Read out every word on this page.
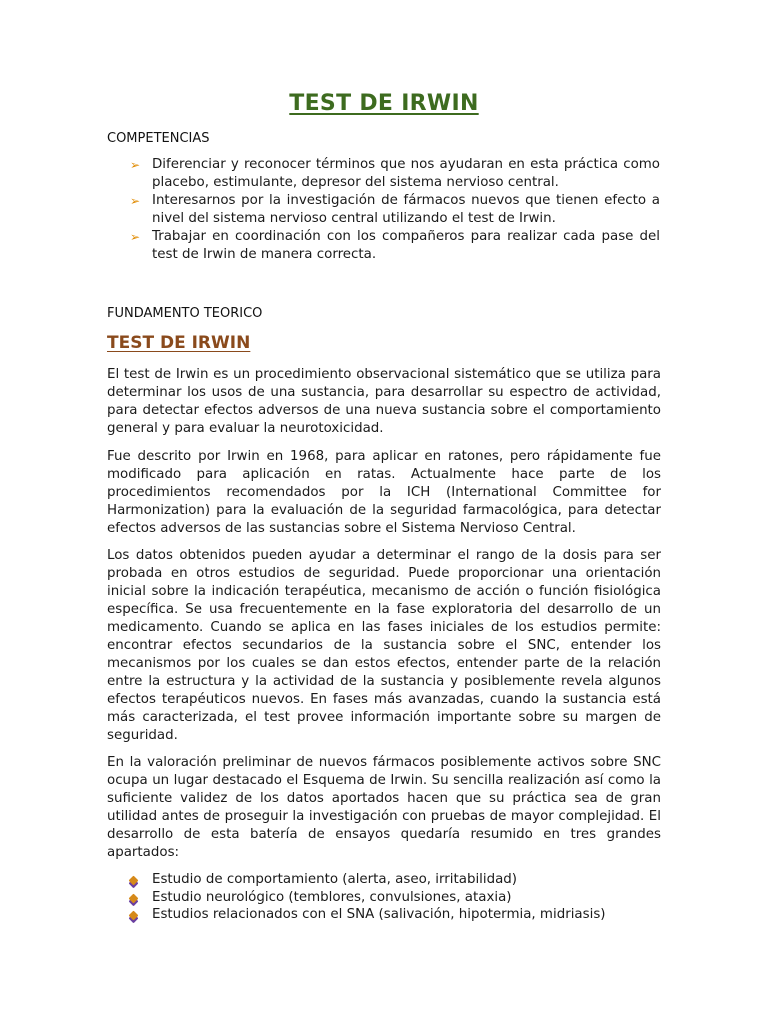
TEST DE IRWIN
COMPETENCIAS
➢ Diferenciar y reconocer términos que nos ayudaran en esta práctica como placebo, estimulante, depresor del sistema nervioso central.
➢ Interesarnos por la investigación de fármacos nuevos que tienen efecto a nivel del sistema nervioso central utilizando el test de Irwin.
➢ Trabajar en coordinación con los compañeros para realizar cada pase del test de Irwin de manera correcta.
FUNDAMENTO TEORICO
TEST DE IRWIN

El test de Irwin es un procedimiento observacional sistemático que se utiliza para determinar los usos de una sustancia, para desarrollar su espectro de actividad, para detectar efectos adversos de una nueva sustancia sobre el comportamiento general y para evaluar la neurotoxicidad.

Fue descrito por Irwin en 1968, para aplicar en ratones, pero rápidamente fue modificado para aplicación en ratas. Actualmente hace parte de los procedimientos recomendados por la ICH (International Committee for Harmonization) para la evaluación de la seguridad farmacológica, para detectar efectos adversos de las sustancias sobre el Sistema Nervioso Central.

Los datos obtenidos pueden ayudar a determinar el rango de la dosis para ser probada en otros estudios de seguridad. Puede proporcionar una orientación inicial sobre la indicación terapéutica, mecanismo de acción o función fisiológica específica. Se usa frecuentemente en la fase exploratoria del desarrollo de un medicamento. Cuando se aplica en las fases iniciales de los estudios permite: encontrar efectos secundarios de la sustancia sobre el SNC, entender los mecanismos por los cuales se dan estos efectos, entender parte de la relación entre la estructura y la actividad de la sustancia y posiblemente revela algunos efectos terapéuticos nuevos. En fases más avanzadas, cuando la sustancia está más caracterizada, el test provee información importante sobre su margen de seguridad.

En la valoración preliminar de nuevos fármacos posiblemente activos sobre SNC ocupa un lugar destacado el Esquema de Irwin. Su sencilla realización así como la suficiente validez de los datos aportados hacen que su práctica sea de gran utilidad antes de proseguir la investigación con pruebas de mayor complejidad. El desarrollo de esta batería de ensayos quedaría resumido en tres grandes apartados:

Estudio de comportamiento (alerta, aseo, irritabilidad)
Estudio neurológico (temblores, convulsiones, ataxia)
Estudios relacionados con el SNA (salivación, hipotermia, midriasis)
